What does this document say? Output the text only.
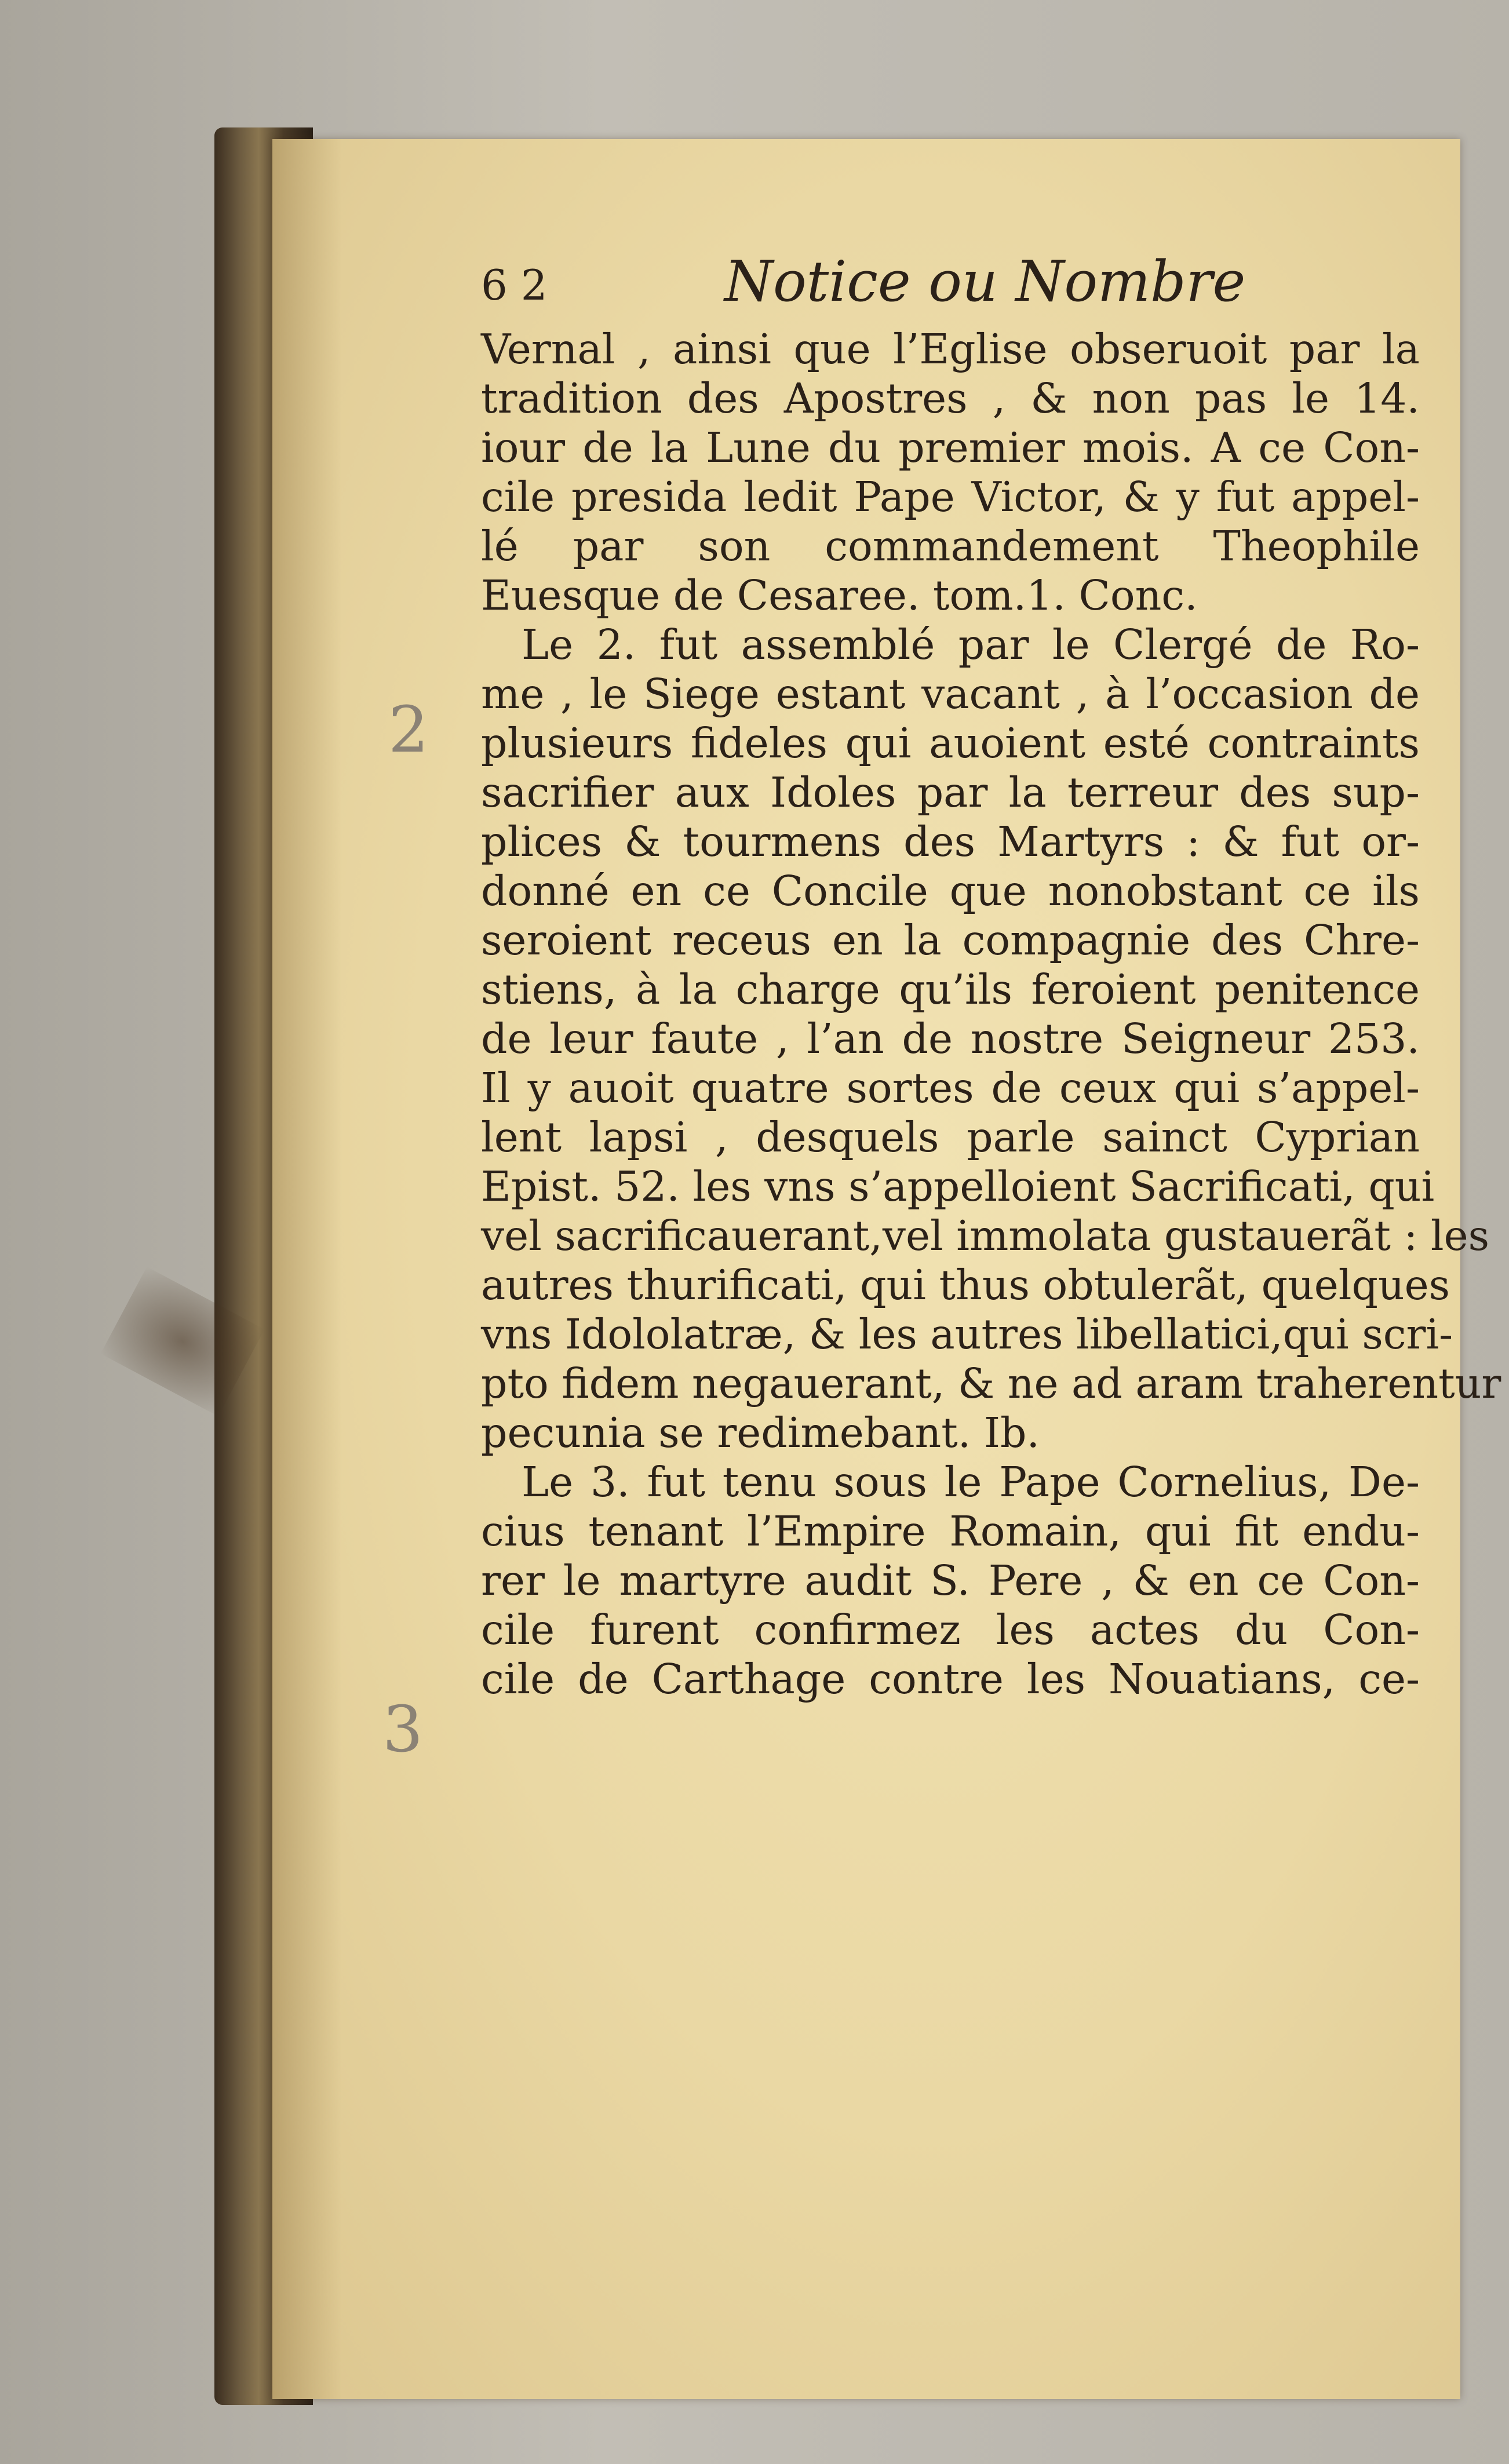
6 2	Notice ou Nombre
2
3
Vernal , ainsi que l’Eglise obseruoit par la
tradition des Apostres , & non pas le 14.
iour de la Lune du premier mois. A ce Con-
cile presida ledit Pape Victor, & y fut appel-
lé par son commandement Theophile
Euesque de Cesaree. tom.1. Conc.
Le 2. fut assemblé par le Clergé de Ro-
me , le Siege estant vacant , à l’occasion de
plusieurs fideles qui auoient esté contraints
sacrifier aux Idoles par la terreur des sup-
plices & tourmens des Martyrs : & fut or-
donné en ce Concile que nonobstant ce ils
seroient receus en la compagnie des Chre-
stiens, à la charge qu’ils feroient penitence
de leur faute , l’an de nostre Seigneur 253.
Il y auoit quatre sortes de ceux qui s’appel-
lent lapsi , desquels parle sainct Cyprian
Epist. 52. les vns s’appelloient Sacrificati, qui
vel sacrificauerant,vel immolata gustauerãt : les
autres thurificati, qui thus obtulerãt, quelques
vns Idololatræ, & les autres libellatici,qui scri-
pto fidem negauerant, & ne ad aram traherentur
pecunia se redimebant. Ib.
Le 3. fut tenu sous le Pape Cornelius, De-
cius tenant l’Empire Romain, qui fit endu-
rer le martyre audit S. Pere , & en ce Con-
cile furent confirmez les actes du Con-
cile de Carthage contre les Nouatians, ce-
